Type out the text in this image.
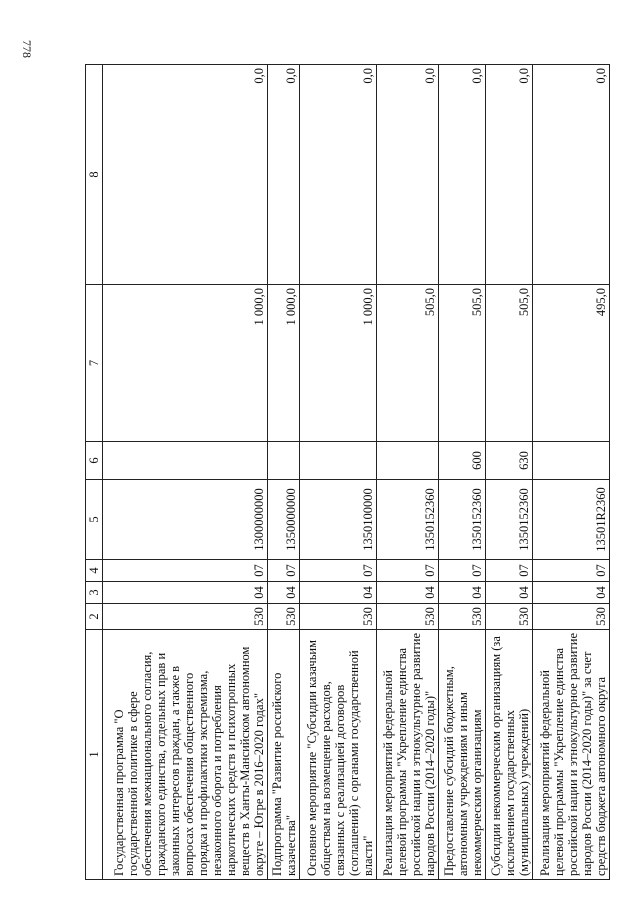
778
1	2	3	4	5	6	7	8
Государственная программа "О государственной политике в сфере обеспечения межнационального согласия, гражданского единства, отдельных прав и законных интересов граждан, а также в вопросах обеспечения общественного порядка и профилактики экстремизма, незаконного оборота и потребления наркотических средств и психотропных веществ в Ханты-Мансийском автономном округе – Югре в 2016–2020 годах"	530	04	07	1300000000		1 000,0	0,0
Подпрограмма "Развитие российского казачества"	530	04	07	1350000000		1 000,0	0,0
Основное мероприятие "Субсидии казачьим обществам на возмещение расходов, связанных с реализацией договоров (соглашений) с органами государственной власти"	530	04	07	1350100000		1 000,0	0,0
Реализация мероприятий федеральной целевой программы "Укрепление единства российской нации и этнокультурное развитие народов России (2014–2020 годы)"	530	04	07	1350152360		505,0	0,0
Предоставление субсидий бюджетным, автономным учреждениям и иным некоммерческим организациям	530	04	07	1350152360	600	505,0	0,0
Субсидии некоммерческим организациям (за исключением государственных (муниципальных) учреждений)	530	04	07	1350152360	630	505,0	0,0
Реализация мероприятий федеральной целевой программы "Укрепление единства российской нации и этнокультурное развитие народов России (2014–2020 годы)" за счет средств бюджета автономного округа	530	04	07	13501R2360		495,0	0,0
